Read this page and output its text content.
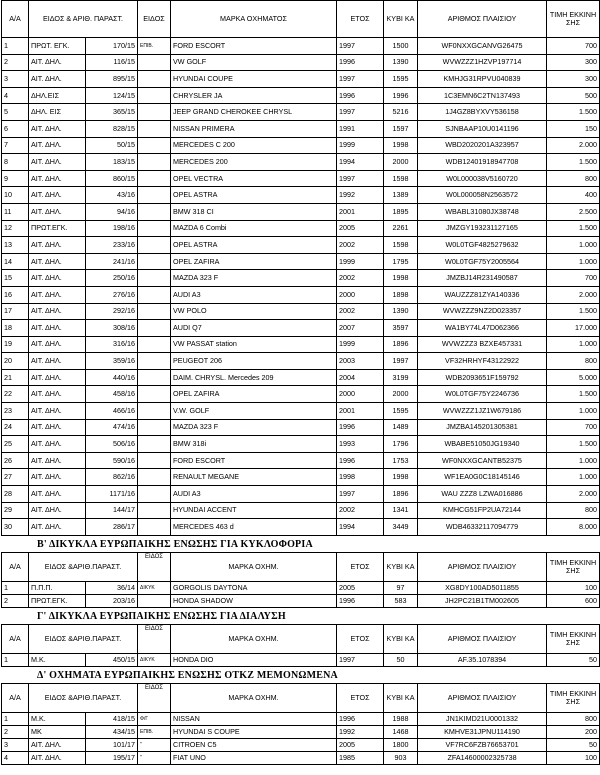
Α/Α	ΕΙΔΟΣ & ΑΡΙΘ. ΠΑΡΑΣΤ.		ΕΙΔΟΣ	ΜΑΡΚΑ ΟΧΗΜΑΤΟΣ	ΕΤΟΣ	ΚΥΒΙ ΚΑ	ΑΡΙΘΜΟΣ ΠΛΑΙΣΙΟΥ	ΤΙΜΗ ΕΚΚΙΝΗ ΣΗΣ
1	ΠΡΩΤ. ΕΓΚ.	170/15	ΕΠΙΒ.	FORD ESCORT	1997	1500	WF0NXXGCANVG26475	700
2	ΑΙΤ. ΔΗΛ.	116/15		VW GOLF	1996	1390	WVWZZZ1HZVP197714	300
3	ΑΙΤ. ΔΗΛ.	895/15		HYUNDAI COUPE	1997	1595	KMHJG31RPVU040839	300
4	ΔΗΛ.ΕΙΣ	124/15		CHRYSLER JA	1996	1996	1C3EMN6C2TN137493	500
5	ΔΗΛ. ΕΙΣ	365/15		JEEP GRAND CHEROKEE CHRYSL	1997	5216	1J4GZ8BYXVY536158	1.500
6	ΑΙΤ. ΔΗΛ.	828/15		NISSAN PRIMERA	1991	1597	SJNBAAP10U0141196	150
7	ΑΙΤ. ΔΗΛ.	50/15		MERCEDES C 200	1999	1998	WBD2020201A323957	2.000
8	ΑΙΤ. ΔΗΛ.	183/15		MERCEDES 200	1994	2000	WDB12401918947708	1.500
9	ΑΙΤ. ΔΗΛ.	860/15		OPEL VECTRA	1997	1598	W0L000038V5160720	800
10	ΑΙΤ. ΔΗΛ.	43/16		OPEL ASTRA	1992	1389	W0L000058N2563572	400
11	ΑΙΤ. ΔΗΛ.	94/16		BMW 318 CI	2001	1895	WBABL31080JX38748	2.500
12	ΠΡΩΤ.ΕΓΚ.	198/16		MAZDA 6 Combi	2005	2261	JMZGY193231127165	1.500
13	ΑΙΤ. ΔΗΛ.	233/16		OPEL ASTRA	2002	1598	W0L0TGF4825279632	1.000
14	ΑΙΤ. ΔΗΛ.	241/16		OPEL ZAFIRA	1999	1795	W0L0TGF75Y2005564	1.000
15	ΑΙΤ. ΔΗΛ.	250/16		MAZDA 323 F	2002	1998	JMZBJ14R231490587	700
16	ΑΙΤ. ΔΗΛ.	276/16		AUDI A3	2000	1898	WAUZZZ81ZYA140336	2.000
17	ΑΙΤ. ΔΗΛ.	292/16		VW POLO	2002	1390	WVWZZZ9NZ2D023357	1.500
18	ΑΙΤ. ΔΗΛ.	308/16		AUDI Q7	2007	3597	WA1BY74L47D062366	17.000
19	ΑΙΤ. ΔΗΛ.	316/16		VW PASSAT station	1999	1896	WVWZZZ3 BZXE457331	1.000
20	ΑΙΤ. ΔΗΛ.	359/16		PEUGEOT 206	2003	1997	VF32HRHYF43122922	800
21	ΑΙΤ. ΔΗΛ.	440/16		DAIM. CHRYSL. Mercedes 209	2004	3199	WDB2093651F159792	5.000
22	ΑΙΤ. ΔΗΛ.	458/16		OPEL ZAFIRA	2000	2000	W0L0TGF75Y2246736	1.500
23	ΑΙΤ. ΔΗΛ.	466/16		V.W. GOLF	2001	1595	WVWZZZ1JZ1W679186	1.000
24	ΑΙΤ. ΔΗΛ.	474/16		MAZDA 323 F	1996	1489	JMZBA145201305381	700
25	ΑΙΤ. ΔΗΛ.	506/16		BMW 318i	1993	1796	WBABE51050JG19340	1.500
26	ΑΙΤ. ΔΗΛ.	590/16		FORD ESCORT	1996	1753	WF0NXXGCANTB52375	1.000
27	ΑΙΤ. ΔΗΛ.	862/16		RENAULT MEGANE	1998	1998	WF1EA0G0C18145146	1.000
28	ΑΙΤ. ΔΗΛ.	1171/16		AUDI A3	1997	1896	WAU ZZZ8 LZWA016886	2.000
29	ΑΙΤ. ΔΗΛ.	144/17		HYUNDAI ACCENT	2002	1341	KMHCG51FP2UA72144	800
30	ΑΙΤ. ΔΗΛ.	286/17		MERCEDES 463 d	1994	3449	WDB46332117094779	8.000
Β' ΔΙΚΥΚΛΑ ΕΥΡΩΠΑΙΚΗΣ ΕΝΩΣΗΣ ΓΙΑ ΚΥΚΛΟΦΟΡΙΑ
Α/Α	ΕΙΔΟΣ &ΑΡΙΘ.ΠΑΡΑΣΤ.		ΕΙΔΟΣ	ΜΑΡΚΑ ΟΧΗΜ.	ΕΤΟΣ	ΚΥΒΙ ΚΑ	ΑΡΙΘΜΟΣ ΠΛΑΙΣΙΟΥ	ΤΙΜΗ ΕΚΚΙΝΗ ΣΗΣ
1	Π.Π.Π.	36/14	ΔΙΚΥΚ	GORGOLIS DAYTONA	2005	97	XG8DY100AD5011855	100
2	ΠΡΩΤ.ΕΓΚ.	203/16		HONDA SHADOW	1996	583	JH2PC21B1TM002605	600
Γ' ΔΙΚΥΚΛΑ ΕΥΡΩΠΑΙΚΗΣ ΕΝΩΣΗΣ ΓΙΑ ΔΙΑΛΥΣΗ
Α/Α	ΕΙΔΟΣ &ΑΡΙΘ.ΠΑΡΑΣΤ.		ΕΙΔΟΣ	ΜΑΡΚΑ ΟΧΗΜ.	ΕΤΟΣ	ΚΥΒΙ ΚΑ	ΑΡΙΘΜΟΣ ΠΛΑΙΣΙΟΥ	ΤΙΜΗ ΕΚΚΙΝΗ ΣΗΣ
1	Μ.Κ.	450/15	ΔΙΚΥΚ	HONDA DIO	1997	50	AF.35.1078394	50
Δ' ΟΧΗΜΑΤΑ ΕΥΡΩΠΑΙΚΗΣ ΕΝΩΣΗΣ ΟΤΚΖ ΜΕΜΟΝΩΜΕΝΑ
Α/Α	ΕΙΔΟΣ &ΑΡΙΘ.ΠΑΡΑΣΤ.		ΕΙΔΟΣ	ΜΑΡΚΑ ΟΧΗΜ.	ΕΤΟΣ	ΚΥΒΙ ΚΑ	ΑΡΙΘΜΟΣ ΠΛΑΙΣΙΟΥ	ΤΙΜΗ ΕΚΚΙΝΗ ΣΗΣ
1	Μ.Κ.	418/15	Φ/Γ	NISSAN	1996	1988	JN1KIMD21U0001332	800
2	ΜΚ	434/15	ΕΠΙΒ.	HYUNDAI S COUPE	1992	1468	KMHVE31JPNU114190	200
3	ΑΙΤ. ΔΗΛ.	101/17	"	CITROEN C5	2005	1800	VF7RC6FZB76653701	50
4	ΑΙΤ. ΔΗΛ.	195/17	"	FIAT UNO	1985	903	ZFA14600002325738	100
